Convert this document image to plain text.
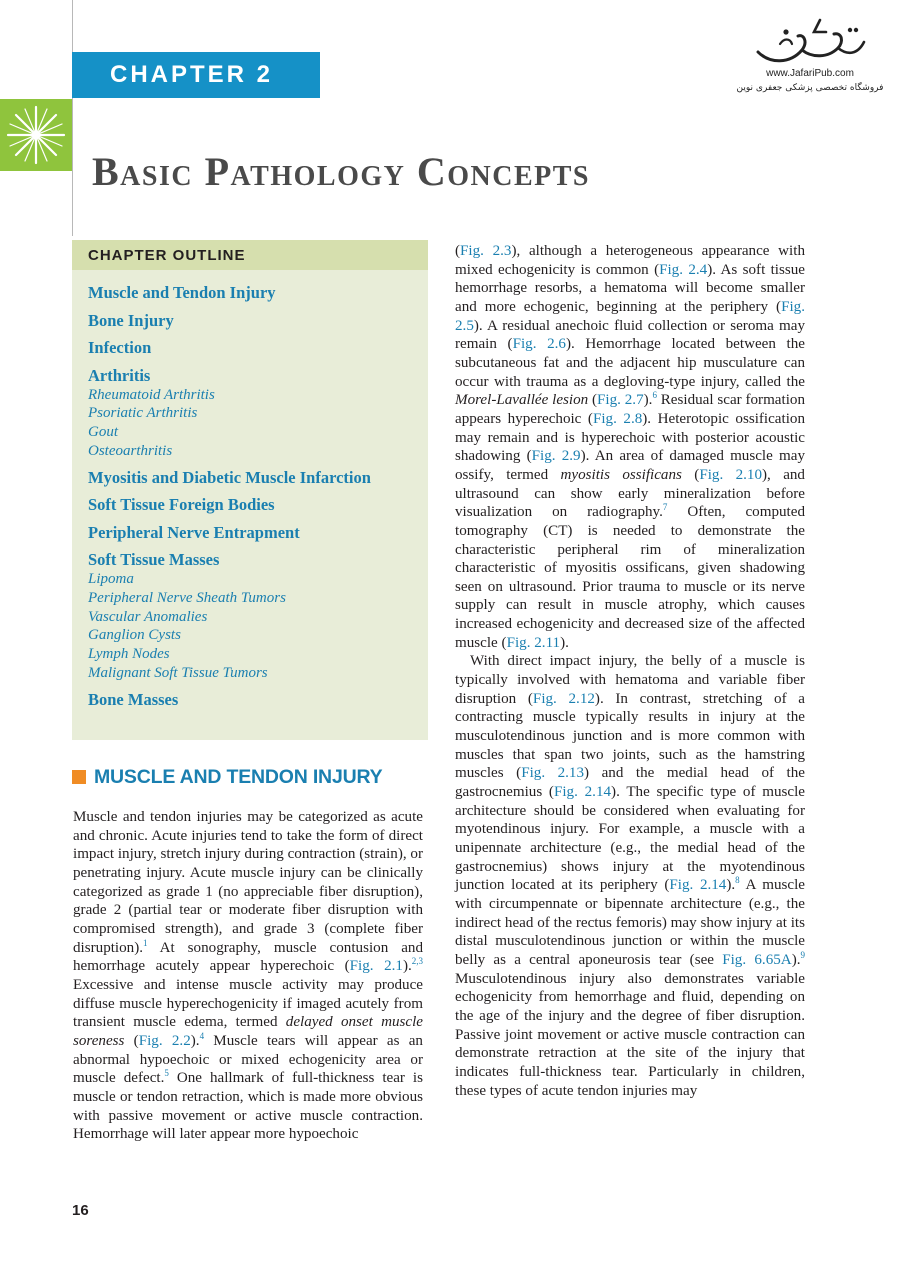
CHAPTER 2	www.JafariPub.com
فروشگاه تخصصی پزشکی جعفری نوین
Basic Pathology Concepts
CHAPTER OUTLINE
Muscle and Tendon Injury
Bone Injury
Infection
Arthritis
Rheumatoid Arthritis
Psoriatic Arthritis
Gout
Osteoarthritis
Myositis and Diabetic Muscle Infarction
Soft Tissue Foreign Bodies
Peripheral Nerve Entrapment
Soft Tissue Masses
Lipoma
Peripheral Nerve Sheath Tumors
Vascular Anomalies
Ganglion Cysts
Lymph Nodes
Malignant Soft Tissue Tumors
Bone Masses
MUSCLE AND TENDON INJURY

Muscle and tendon injuries may be categorized as acute and chronic. Acute injuries tend to take the form of direct impact injury, stretch injury during contraction (strain), or penetrating injury. Acute muscle injury can be clinically categorized as grade 1 (no appreciable fiber disruption), grade 2 (partial tear or moderate fiber disruption with compromised strength), and grade 3 (complete fiber disruption).$^1$ At sonography, muscle contusion and hemorrhage acutely appear hyperechoic (Fig. 2.1).$^{2,3}$ Excessive and intense muscle activity may produce diffuse muscle hyperechogenicity if imaged acutely from transient muscle edema, termed delayed onset muscle soreness (Fig. 2.2).$^4$ Muscle tears will appear as an abnormal hypoechoic or mixed echogenicity area or muscle defect.$^5$ One hallmark of full-thickness tear is muscle or tendon retraction, which is made more obvious with passive movement or active muscle contraction. Hemorrhage will later appear more hypoechoic

(Fig. 2.3), although a heterogeneous appearance with mixed echogenicity is common (Fig. 2.4). As soft tissue hemorrhage resorbs, a hematoma will become smaller and more echogenic, beginning at the periphery (Fig. 2.5). A residual anechoic fluid collection or seroma may remain (Fig. 2.6). Hemorrhage located between the subcutaneous fat and the adjacent hip musculature can occur with trauma as a degloving-type injury, called the Morel-Lavallée lesion (Fig. 2.7).$^6$ Residual scar formation appears hyperechoic (Fig. 2.8). Heterotopic ossification may remain and is hyperechoic with posterior acoustic shadowing (Fig. 2.9). An area of damaged muscle may ossify, termed myositis ossificans (Fig. 2.10), and ultrasound can show early mineralization before visualization on radiography.$^7$ Often, computed tomography (CT) is needed to demonstrate the characteristic peripheral rim of mineralization characteristic of myositis ossificans, given shadowing seen on ultrasound. Prior trauma to muscle or its nerve supply can result in muscle atrophy, which causes increased echogenicity and decreased size of the affected muscle (Fig. 2.11).

With direct impact injury, the belly of a muscle is typically involved with hematoma and variable fiber disruption (Fig. 2.12). In contrast, stretching of a contracting muscle typically results in injury at the musculotendinous junction and is more common with muscles that span two joints, such as the hamstring muscles (Fig. 2.13) and the medial head of the gastrocnemius (Fig. 2.14). The specific type of muscle architecture should be considered when evaluating for myotendinous injury. For example, a muscle with a unipennate architecture (e.g., the medial head of the gastrocnemius) shows injury at the myotendinous junction located at its periphery (Fig. 2.14).$^8$ A muscle with circumpennate or bipennate architecture (e.g., the indirect head of the rectus femoris) may show injury at its distal musculotendinous junction or within the muscle belly as a central aponeurosis tear (see Fig. 6.65A).$^9$ Musculotendinous injury also demonstrates variable echogenicity from hemorrhage and fluid, depending on the age of the injury and the degree of fiber disruption. Passive joint movement or active muscle contraction can demonstrate retraction at the site of the injury that indicates full-thickness tear. Particularly in children, these types of acute tendon injuries may

16
